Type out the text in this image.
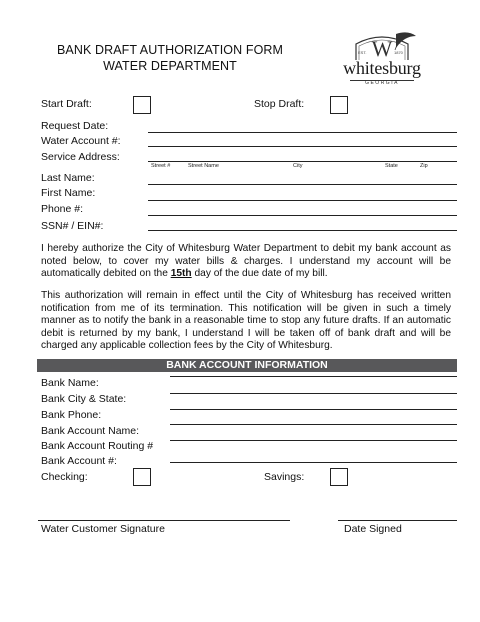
BANK DRAFT AUTHORIZATION FORM
WATER DEPARTMENT
W
EST.	1870
whitesburg
GEORGIA
Start Draft:	Stop Draft:
Request Date:
Water Account #:
Service Address:
Street #	Street Name	City	State	Zip
Last Name:
First Name:
Phone #:
SSN# / EIN#:
I hereby authorize the City of Whitesburg Water Department to debit my bank account as noted below, to cover my water bills & charges. I understand my account will be automatically debited on the 15th day of the due date of my bill.
This authorization will remain in effect until the City of Whitesburg has received written notification from me of its termination. This notification will be given in such a timely manner as to notify the bank in a reasonable time to stop any future drafts. If an automatic debit is returned by my bank, I understand I will be taken off of bank draft and will be charged any applicable collection fees by the City of Whitesburg.
BANK ACCOUNT INFORMATION
Bank Name:
Bank City & State:
Bank Phone:
Bank Account Name:
Bank Account Routing #
Bank Account #:
Checking:	Savings:
Water Customer Signature	Date Signed
